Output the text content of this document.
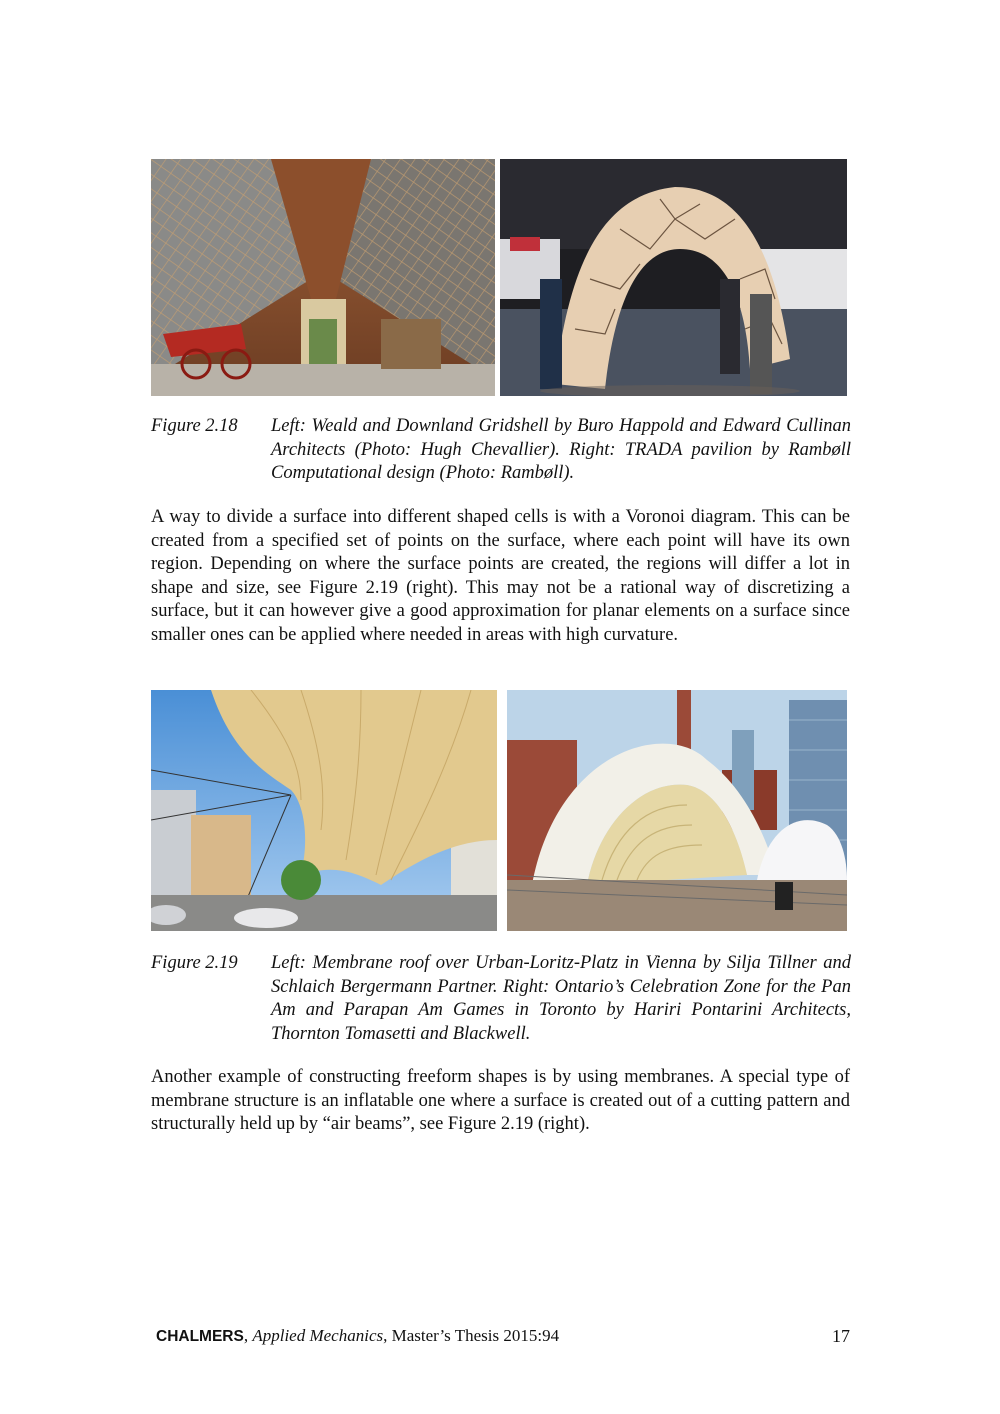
Figure 2.18 Left: Weald and Downland Gridshell by Buro Happold and Edward Cullinan Architects (Photo: Hugh Chevallier). Right: TRADA pavilion by Rambøll Computational design (Photo: Rambøll).
A way to divide a surface into different shaped cells is with a Voronoi diagram. This can be created from a specified set of points on the surface, where each point will have its own region. Depending on where the surface points are created, the regions will differ a lot in shape and size, see Figure 2.19 (right). This may not be a rational way of discretizing a surface, but it can however give a good approximation for planar elements on a surface since smaller ones can be applied where needed in areas with high curvature.
Figure 2.19 Left: Membrane roof over Urban-Loritz-Platz in Vienna by Silja Tillner and Schlaich Bergermann Partner. Right: Ontario’s Celebration Zone for the Pan Am and Parapan Am Games in Toronto by Hariri Pontarini Architects, Thornton Tomasetti and Blackwell.
Another example of constructing freeform shapes is by using membranes. A special type of membrane structure is an inflatable one where a surface is created out of a cutting pattern and structurally held up by “air beams”, see Figure 2.19 (right).
CHALMERS, Applied Mechanics, Master’s Thesis 2015:94	17
